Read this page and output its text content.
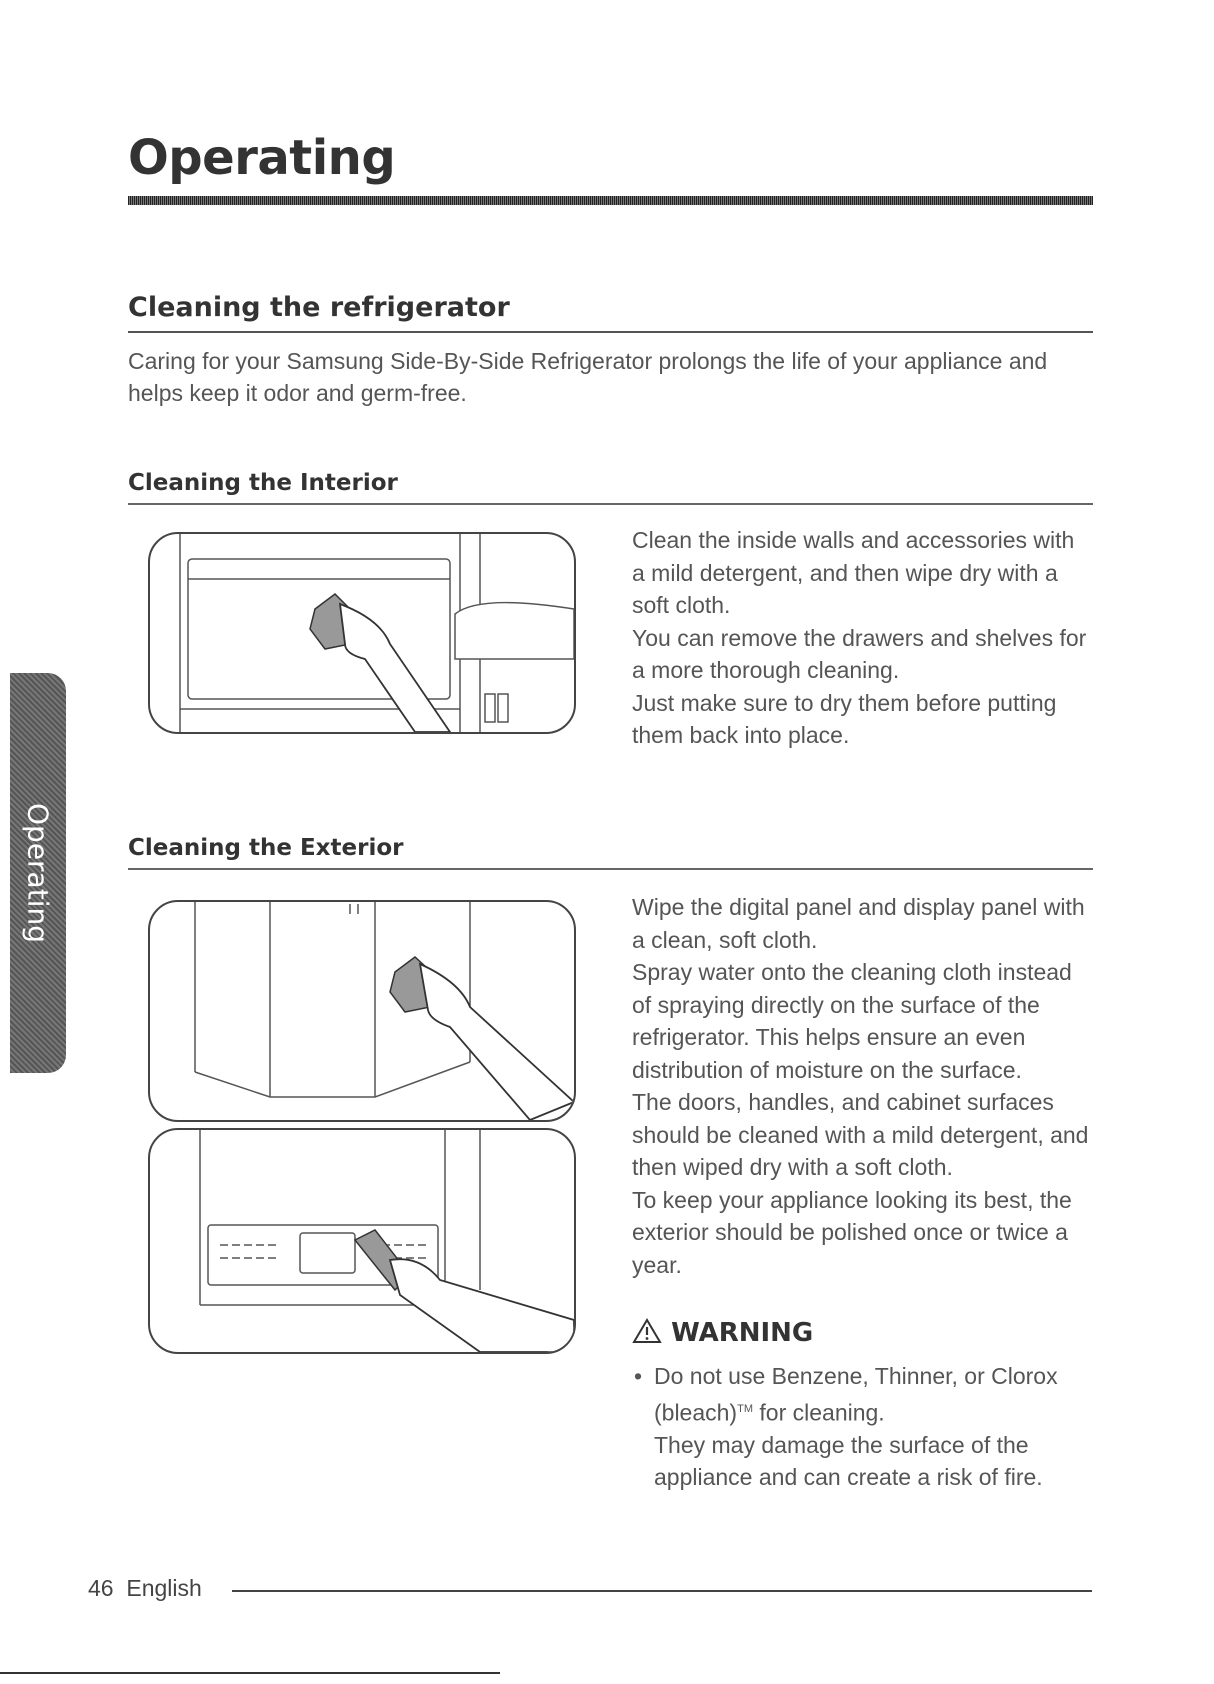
Operating
Cleaning the refrigerator

Caring for your Samsung Side-By-Side Refrigerator prolongs the life of your appliance and helps keep it odor and germ-free.

Operating
Cleaning the Interior

Clean the inside walls and accessories with a mild detergent, and then wipe dry with a soft cloth.

You can remove the drawers and shelves for a more thorough cleaning.

Just make sure to dry them before putting them back into place.

Cleaning the Exterior

Wipe the digital panel and display panel with a clean, soft cloth.

Spray water onto the cleaning cloth instead of spraying directly on the surface of the refrigerator. This helps ensure an even distribution of moisture on the surface.

The doors, handles, and cabinet surfaces should be cleaned with a mild detergent, and then wiped dry with a soft cloth.

To keep your appliance looking its best, the exterior should be polished once or twice a year.

WARNING
• Do not use Benzene, Thinner, or Clorox (bleach)™ for cleaning.
They may damage the surface of the appliance and can create a risk of fire.
46 English
